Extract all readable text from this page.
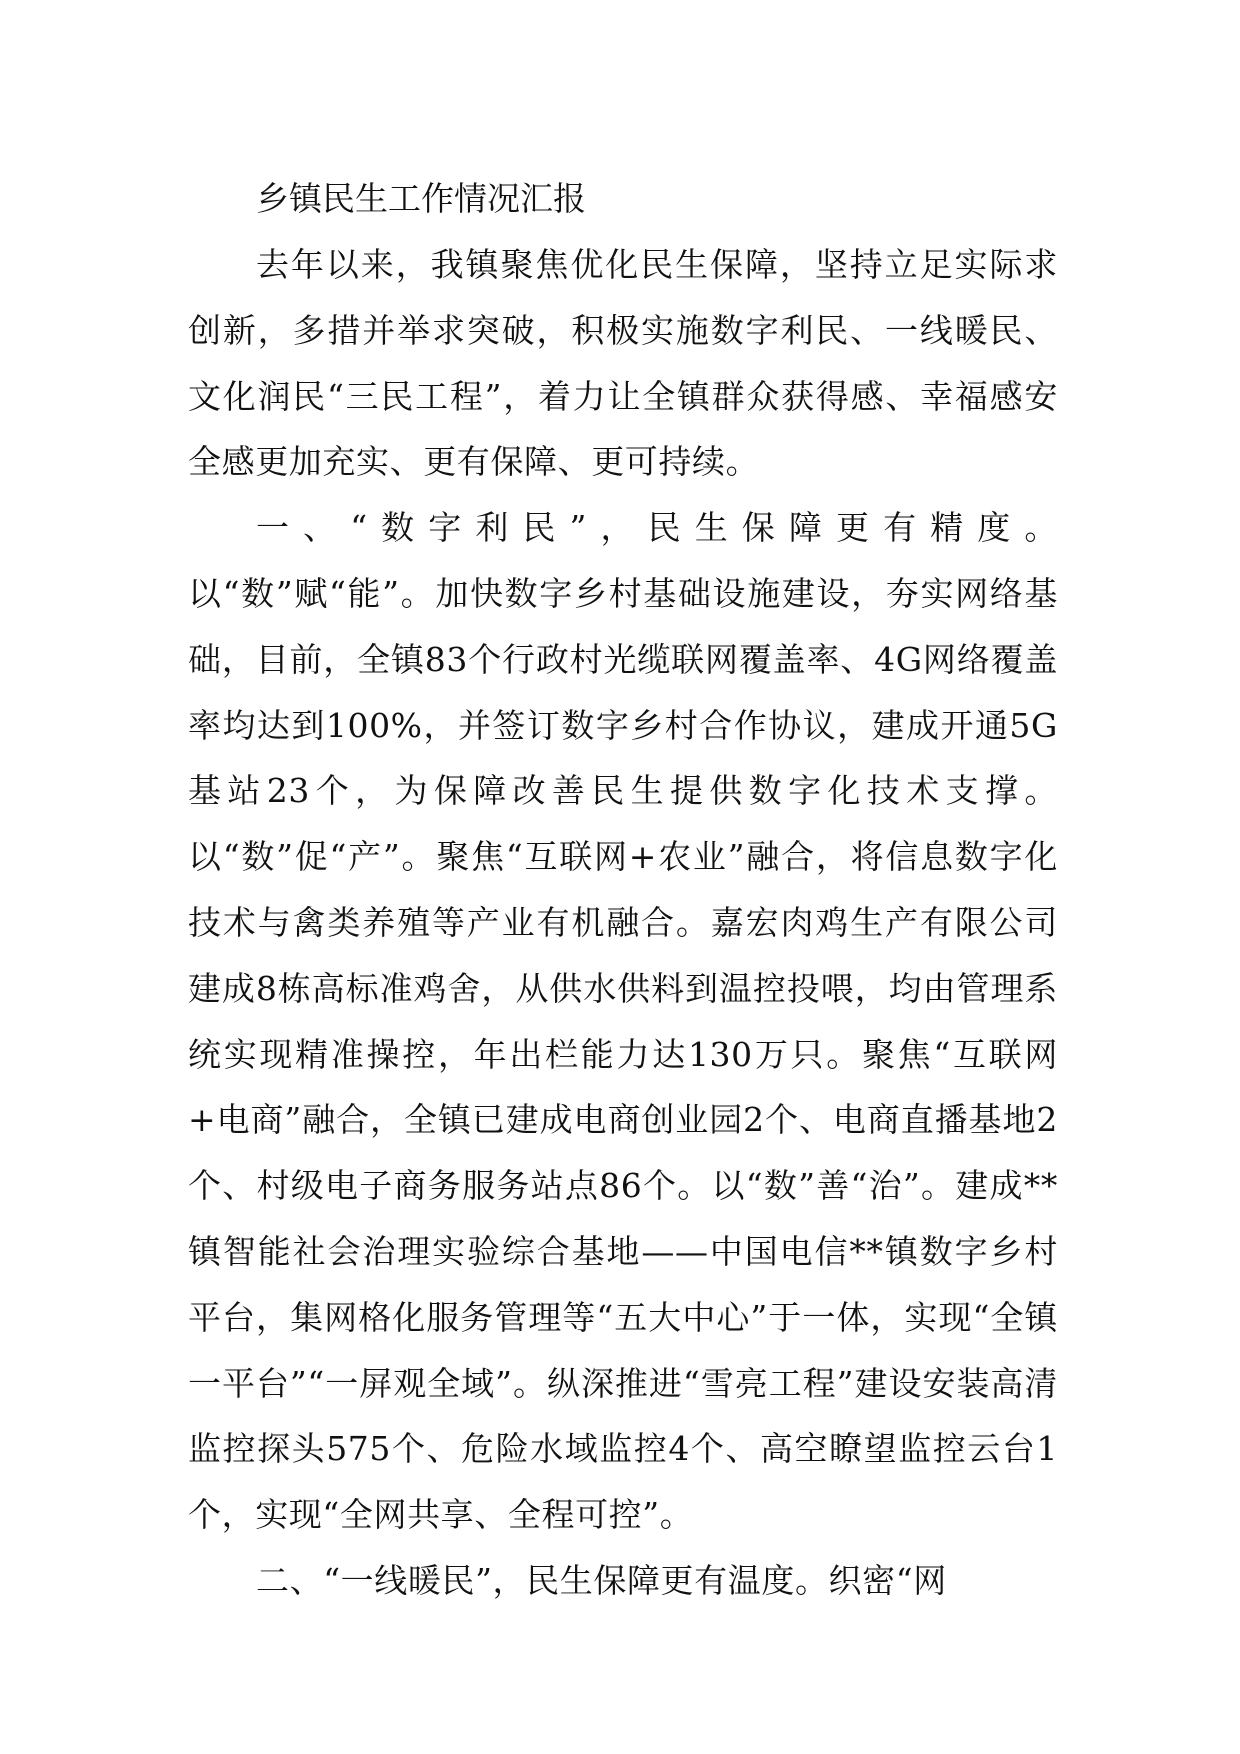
乡镇民生工作情况汇报

去年以来，我镇聚焦优化民生保障，坚持立足实际求创新，多措并举求突破，积极实施数字利民、一线暖民、文化润民“三民工程”，着力让全镇群众获得感、幸福感安全感更加充实、更有保障、更可持续。

一、“数字利民”，民生保障更有精度。以“数”赋“能”。加快数字乡村基础设施建设，夯实网络基础，目前，全镇83个行政村光缆联网覆盖率、4G网络覆盖率均达到100%，并签订数字乡村合作协议，建成开通5G基站23个，为保障改善民生提供数字化技术支撑。以“数”促“产”。聚焦“互联网+农业”融合，将信息数字化技术与禽类养殖等产业有机融合。嘉宏肉鸡生产有限公司建成8栋高标准鸡舍，从供水供料到温控投喂，均由管理系统实现精准操控，年出栏能力达130万只。聚焦“互联网+电商”融合，全镇已建成电商创业园2个、电商直播基地2个、村级电子商务服务站点86个。以“数”善“治”。建成**镇智能社会治理实验综合基地——中国电信**镇数字乡村平台，集网格化服务管理等“五大中心”于一体，实现“全镇一平台”“一屏观全域”。纵深推进“雪亮工程”建设安装高清监控探头575个、危险水域监控4个、高空瞭望监控云台1个，实现“全网共享、全程可控”。

二、“一线暖民”，民生保障更有温度。织密“网
